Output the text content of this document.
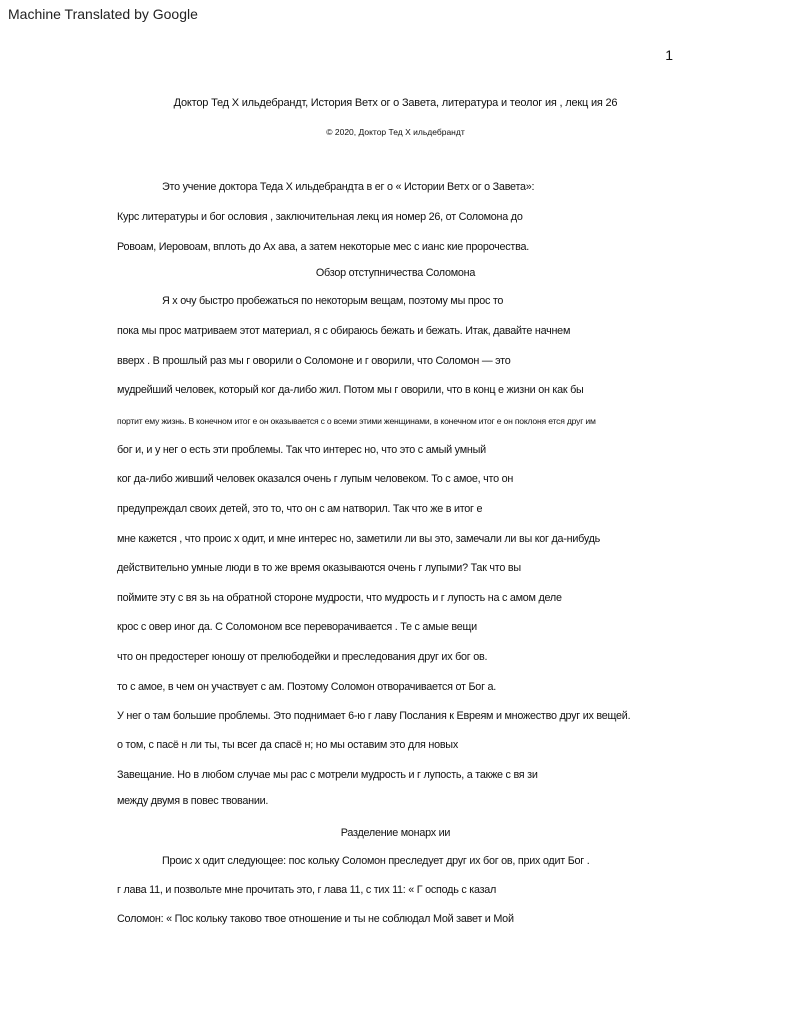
Machine Translated by Google
1
Доктор Тед Х ильдебрандт, История Ветх ог о Завета, литература и теолог ия , лекц ия 26
© 2020, Доктор Тед Х ильдебрандт
Это учение доктора Теда Х ильдебрандта в ег о « Истории Ветх ог о Завета»:
Курс литературы и бог ословия , заключительная лекц ия номер 26, от Соломона до
Ровоам, Иеровоам, вплоть до Ах ава, а затем некоторые мес с ианс кие пророчества.
Обзор отступничества Соломона
Я х очу быстро пробежаться по некоторым вещам, поэтому мы прос то
пока мы прос матриваем этот материал, я с обираюсь бежать и бежать. Итак, давайте начнем
вверх . В прошлый раз мы г оворили о Соломоне и г оворили, что Соломон — это
мудрейший человек, который ког да-либо жил. Потом мы г оворили, что в конц е жизни он как бы
портит ему жизнь. В конечном итог е он оказывается с о всеми этими женщинами, в конечном итог е он поклоня ется друг им
бог и, и у нег о есть эти проблемы. Так что интерес но, что это с амый умный
ког да-либо живший человек оказался очень г лупым человеком. То с амое, что он
предупреждал своих детей, это то, что он с ам натворил. Так что же в итог е
мне кажется , что проис х одит, и мне интерес но, заметили ли вы это, замечали ли вы ког да-нибудь
действительно умные люди в то же время оказываются очень г лупыми? Так что вы
поймите эту с вя зь на обратной стороне мудрости, что мудрость и г лупость на с амом деле
крос с овер иног да. С Соломоном все переворачивается . Те с амые вещи
что он предостерег юношу от прелюбодейки и преследования друг их бог ов.
то с амое, в чем он участвует с ам. Поэтому Соломон отворачивается от Бог а.
У нег о там большие проблемы. Это поднимает 6-ю г лаву Послания к Евреям и множество друг их вещей.
о том, с пасё н ли ты, ты всег да спасё н; но мы оставим это для новых
Завещание. Но в любом случае мы рас с мотрели мудрость и г лупость, а также с вя зи
между двумя в повес твовании.
Разделение монарх ии
Проис х одит следующее: пос кольку Соломон преследует друг их бог ов, прих одит Бог .
г лава 11, и позвольте мне прочитать это, г лава 11, с тих 11: « Г осподь с казал
Соломон: « Пос кольку таково твое отношение и ты не соблюдал Мой завет и Мой
